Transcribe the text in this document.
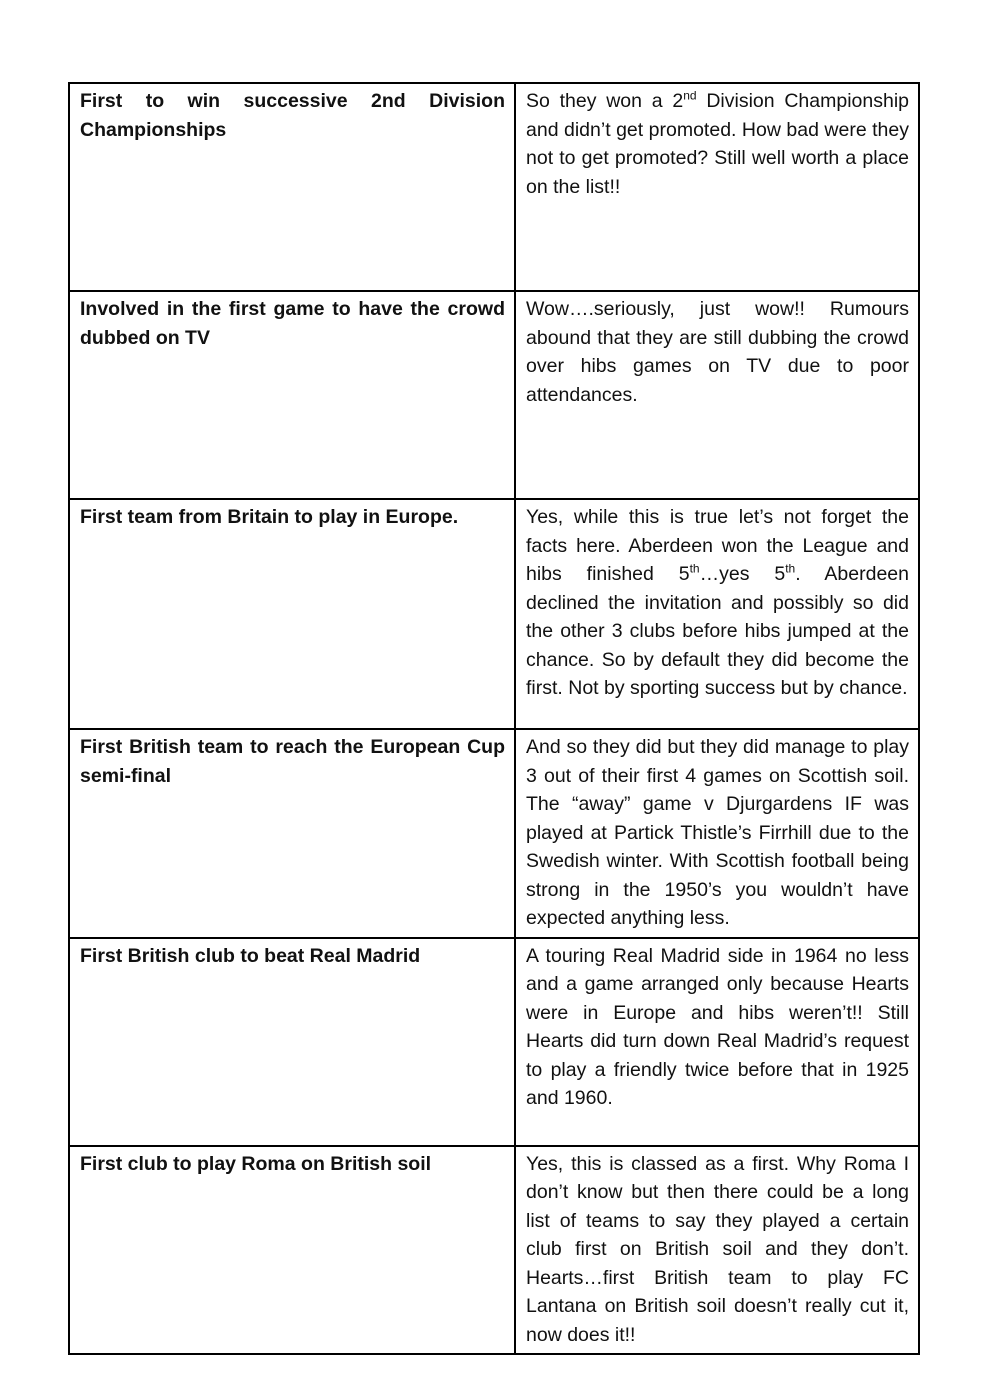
First to win successive 2nd Division Championships	So they won a 2nd Division Championship and didn’t get promoted. How bad were they not to get promoted? Still well worth a place on the list!!
Involved in the first game to have the crowd dubbed on TV	Wow….seriously, just wow!! Rumours abound that they are still dubbing the crowd over hibs games on TV due to poor attendances.
First team from Britain to play in Europe.	Yes, while this is true let’s not forget the facts here. Aberdeen won the League and hibs finished 5th…yes 5th. Aberdeen declined the invitation and possibly so did the other 3 clubs before hibs jumped at the chance. So by default they did become the first. Not by sporting success but by chance.
First British team to reach the European Cup semi-final	And so they did but they did manage to play 3 out of their first 4 games on Scottish soil. The “away” game v Djurgardens IF was played at Partick Thistle’s Firrhill due to the Swedish winter. With Scottish football being strong in the 1950’s you wouldn’t have expected anything less.
First British club to beat Real Madrid	A touring Real Madrid side in 1964 no less and a game arranged only because Hearts were in Europe and hibs weren’t!! Still Hearts did turn down Real Madrid’s request to play a friendly twice before that in 1925 and 1960.
First club to play Roma on British soil	Yes, this is classed as a first. Why Roma I don’t know but then there could be a long list of teams to say they played a certain club first on British soil and they don’t. Hearts…first British team to play FC Lantana on British soil doesn’t really cut it, now does it!!
